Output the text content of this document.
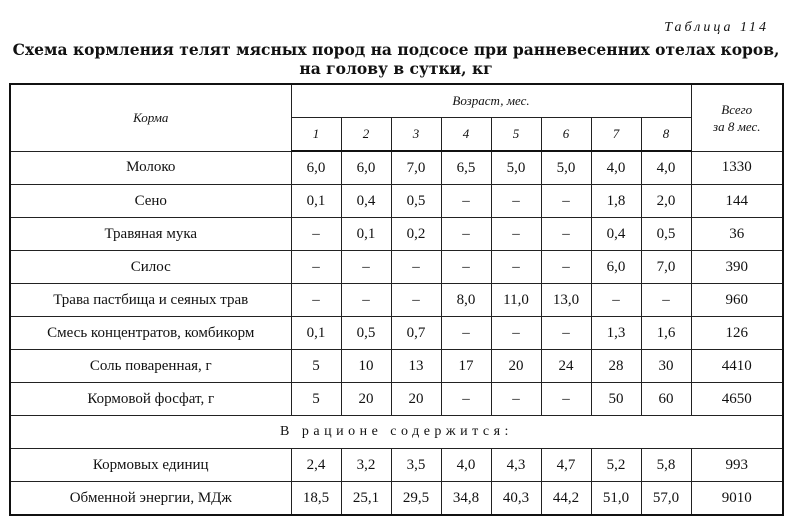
Таблица 114
Схема кормления телят мясных пород на подсосе при ранневесенних отелах коров,
на голову в сутки, кг
Корма	Возраст, мес.								Всего
за 8 мес.
	1	2	3	4	5	6	7	8	
Молоко	6,0	6,0	7,0	6,5	5,0	5,0	4,0	4,0	1330
Сено	0,1	0,4	0,5	–	–	–	1,8	2,0	144
Травяная мука	–	0,1	0,2	–	–	–	0,4	0,5	36
Силос	–	–	–	–	–	–	6,0	7,0	390
Трава пастбища и сеяных трав	–	–	–	8,0	11,0	13,0	–	–	960
Смесь концентратов, комбикорм	0,1	0,5	0,7	–	–	–	1,3	1,6	126
Соль поваренная, г	5	10	13	17	20	24	28	30	4410
Кормовой фосфат, г	5	20	20	–	–	–	50	60	4650
В рационе содержится:									
Кормовых единиц	2,4	3,2	3,5	4,0	4,3	4,7	5,2	5,8	993
Обменной энергии, МДж	18,5	25,1	29,5	34,8	40,3	44,2	51,0	57,0	9010
